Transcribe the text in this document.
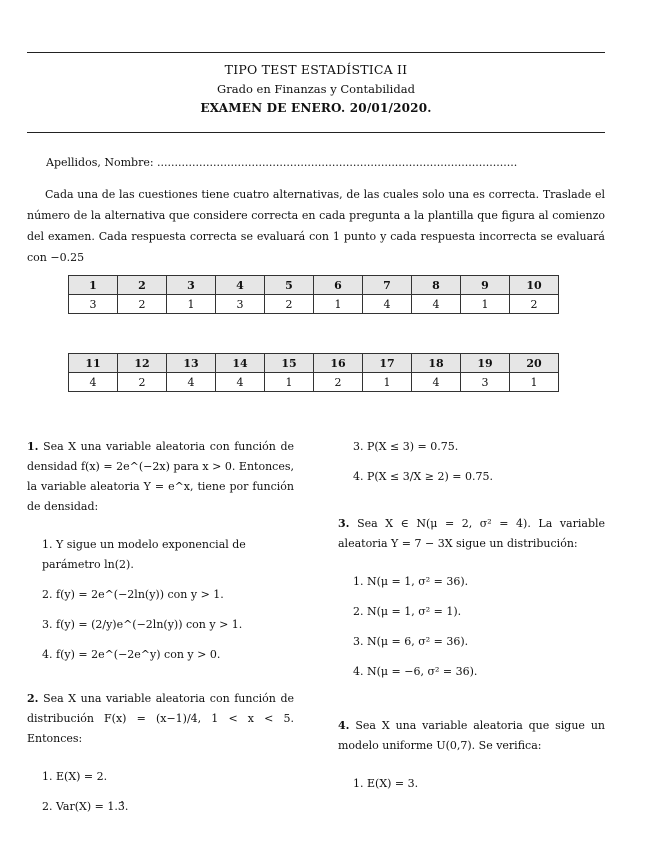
TIPO TEST ESTADÍSTICA II
Grado en Finanzas y Contabilidad
EXAMEN DE ENERO. 20/01/2020.
Apellidos, Nombre: .......................................................................................................
Cada una de las cuestiones tiene cuatro alternativas, de las cuales solo una es correcta. Traslade el número de la alternativa que considere correcta en cada pregunta a la plantilla que figura al comienzo del examen. Cada respuesta correcta se evaluará con 1 punto y cada respuesta incorrecta se evaluará con −0.25
1	2	3	4	5	6	7	8	9	10
3	2	1	3	2	1	4	4	1	2
11	12	13	14	15	16	17	18	19	20
4	2	4	4	1	2	1	4	3	1
1. Sea X una variable aleatoria con función de densidad f(x) = 2e^(−2x) para x > 0. Entonces, la variable aleatoria Y = e^x, tiene por función de densidad:
1. Y sigue un modelo exponencial de parámetro ln(2).
2. f(y) = 2e^(−2ln(y)) con y > 1.
3. f(y) = (2/y)e^(−2ln(y)) con y > 1.
4. f(y) = 2e^(−2e^y) con y > 0.
2. Sea X una variable aleatoria con función de distribución F(x) = (x−1)/4, 1 < x < 5. Entonces:
1. E(X) = 2.
2. Var(X) = 1.3̂.
3. P(X ≤ 3) = 0.75.
4. P(X ≤ 3/X ≥ 2) = 0.75.
3. Sea X ∈ N(μ = 2, σ² = 4). La variable aleatoria Y = 7 − 3X sigue un distribución:
1. N(μ = 1, σ² = 36).
2. N(μ = 1, σ² = 1).
3. N(μ = 6, σ² = 36).
4. N(μ = −6, σ² = 36).
4. Sea X una variable aleatoria que sigue un modelo uniforme U(0,7). Se verifica:
1. E(X) = 3.
